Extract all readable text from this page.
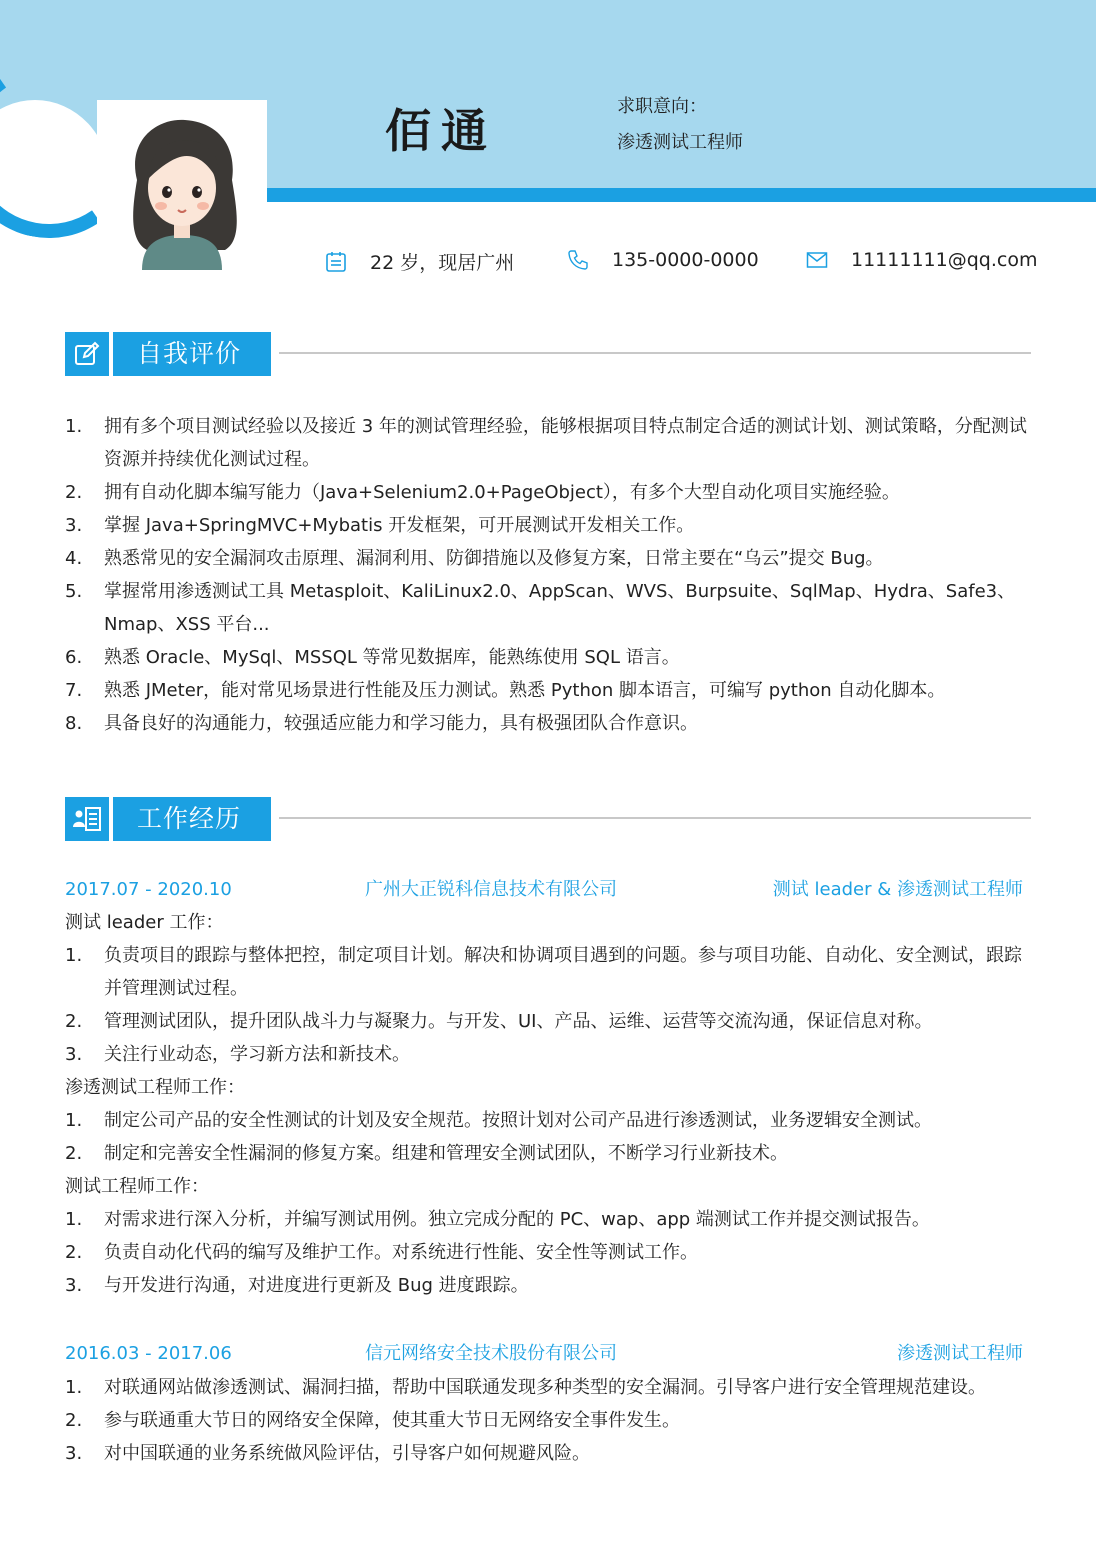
佰通	求职意向：
渗透测试工程师
22 岁，现居广州	135-0000-0000	11111111@qq.com
自我评价
1. 拥有多个项目测试经验以及接近 3 年的测试管理经验，能够根据项目特点制定合适的测试计划、测试策略，分配测试资源并持续优化测试过程。
2. 拥有自动化脚本编写能力（Java+Selenium2.0+PageObject），有多个大型自动化项目实施经验。
3. 掌握 Java+SpringMVC+Mybatis 开发框架，可开展测试开发相关工作。
4. 熟悉常见的安全漏洞攻击原理、漏洞利用、防御措施以及修复方案，日常主要在“乌云”提交 Bug。
5. 掌握常用渗透测试工具 Metasploit、KaliLinux2.0、AppScan、WVS、Burpsuite、SqlMap、Hydra、Safe3、Nmap、XSS 平台...
6. 熟悉 Oracle、MySql、MSSQL 等常见数据库，能熟练使用 SQL 语言。
7. 熟悉 JMeter，能对常见场景进行性能及压力测试。熟悉 Python 脚本语言，可编写 python 自动化脚本。
8. 具备良好的沟通能力，较强适应能力和学习能力，具有极强团队合作意识。
工作经历
2017.07 - 2020.10	广州大正锐科信息技术有限公司	测试 leader & 渗透测试工程师
测试 leader 工作：
1. 负责项目的跟踪与整体把控，制定项目计划。解决和协调项目遇到的问题。参与项目功能、自动化、安全测试，跟踪并管理测试过程。
2. 管理测试团队，提升团队战斗力与凝聚力。与开发、UI、产品、运维、运营等交流沟通，保证信息对称。
3. 关注行业动态，学习新方法和新技术。
渗透测试工程师工作：
1. 制定公司产品的安全性测试的计划及安全规范。按照计划对公司产品进行渗透测试，业务逻辑安全测试。
2. 制定和完善安全性漏洞的修复方案。组建和管理安全测试团队，不断学习行业新技术。
测试工程师工作：
1. 对需求进行深入分析，并编写测试用例。独立完成分配的 PC、wap、app 端测试工作并提交测试报告。
2. 负责自动化代码的编写及维护工作。对系统进行性能、安全性等测试工作。
3. 与开发进行沟通，对进度进行更新及 Bug 进度跟踪。
2016.03 - 2017.06	信元网络安全技术股份有限公司	渗透测试工程师
1. 对联通网站做渗透测试、漏洞扫描，帮助中国联通发现多种类型的安全漏洞。引导客户进行安全管理规范建设。
2. 参与联通重大节日的网络安全保障，使其重大节日无网络安全事件发生。
3. 对中国联通的业务系统做风险评估，引导客户如何规避风险。
